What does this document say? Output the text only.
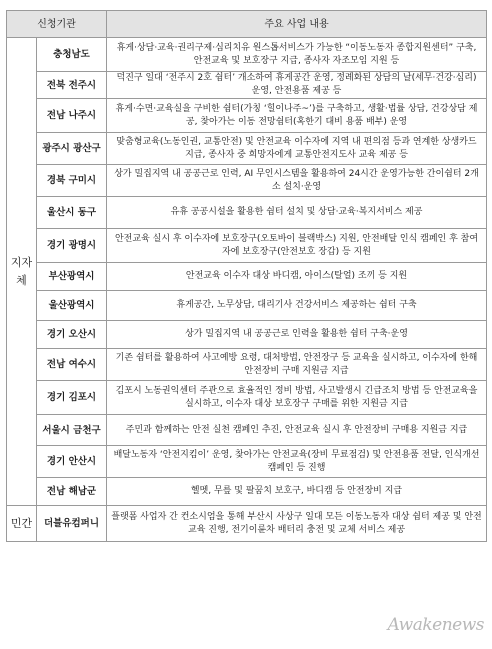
신청기관		주요 사업 내용
지자
체	충청남도	휴게·상담·교육·권리구제·심리치유 원스톱서비스가 가능한 “이동노동자 종합지원센터” 구축, 안전교육 및 보호장구 지급, 종사자 자조모임 지원 등
	전북 전주시	덕진구 일대 ‘전주시 2호 쉼터’ 개소하여 휴게공간 운영, 정례화된 상담의 날(세무·건강·심리) 운영, 안전용품 제공 등
	전남 나주시	휴게·수면·교육실을 구비한 쉼터(가칭 ‘힐이나주~’)를 구축하고, 생활·법률 상담, 건강상담 제공, 찾아가는 이동 전망쉼터(혹한기 대비 용품 배부) 운영
	광주시 광산구	맞춤형교육(노동인권, 교통안전) 및 안전교육 이수자에 지역 내 편의점 등과 연계한 상생카드 지급, 종사자 중 희망자에게 교통안전지도사 교육 제공 등
	경북 구미시	상가 밀집지역 내 공공근로 인력, AI 무인시스템을 활용하여 24시간 운영가능한 간이쉼터 2개소 설치·운영
	울산시 동구	유휴 공공시설을 활용한 쉼터 설치 및 상담·교육·복지서비스 제공
	경기 광명시	안전교육 실시 후 이수자에 보호장구(오토바이 블랙박스) 지원, 안전배달 인식 캠페인 후 참여자에 보호장구(안전보호 장갑) 등 지원
	부산광역시	안전교육 이수자 대상 바디캠, 아이스(탈얼) 조끼 등 지원
	울산광역시	휴게공간, 노무상담, 대리기사 건강서비스 제공하는 쉼터 구축
	경기 오산시	상가 밀집지역 내 공공근로 인력을 활용한 쉼터 구축·운영
	전남 여수시	기존 쉼터를 활용하여 사고예방 요령, 대처방법, 안전장구 등 교육을 실시하고, 이수자에 한해 안전장비 구매 지원금 지급
	경기 김포시	김포시 노동권익센터 주관으로 효율적인 정비 방법, 사고발생시 긴급조치 방법 등 안전교육을 실시하고, 이수자 대상 보호장구 구매를 위한 지원금 지급
	서울시 금천구	주민과 함께하는 안전 실천 캠페인 추진, 안전교육 실시 후 안전장비 구매용 지원금 지급
	경기 안산시	배달노동자 ‘안전지킴이’ 운영, 찾아가는 안전교육(장비 무료점검) 및 안전용품 전달, 인식개선 캠페인 등 진행
	전남 해남군	헬멧, 무릎 및 팔꿈치 보호구, 바디캠 등 안전장비 지급
민간	더블유컴퍼니	플랫폼 사업자 간 컨소시엄을 통해 부산시 사상구 일대 모든 이동노동자 대상 쉼터 제공 및 안전교육 진행, 전기이륜차 배터리 충전 및 교체 서비스 제공
Awakenews
